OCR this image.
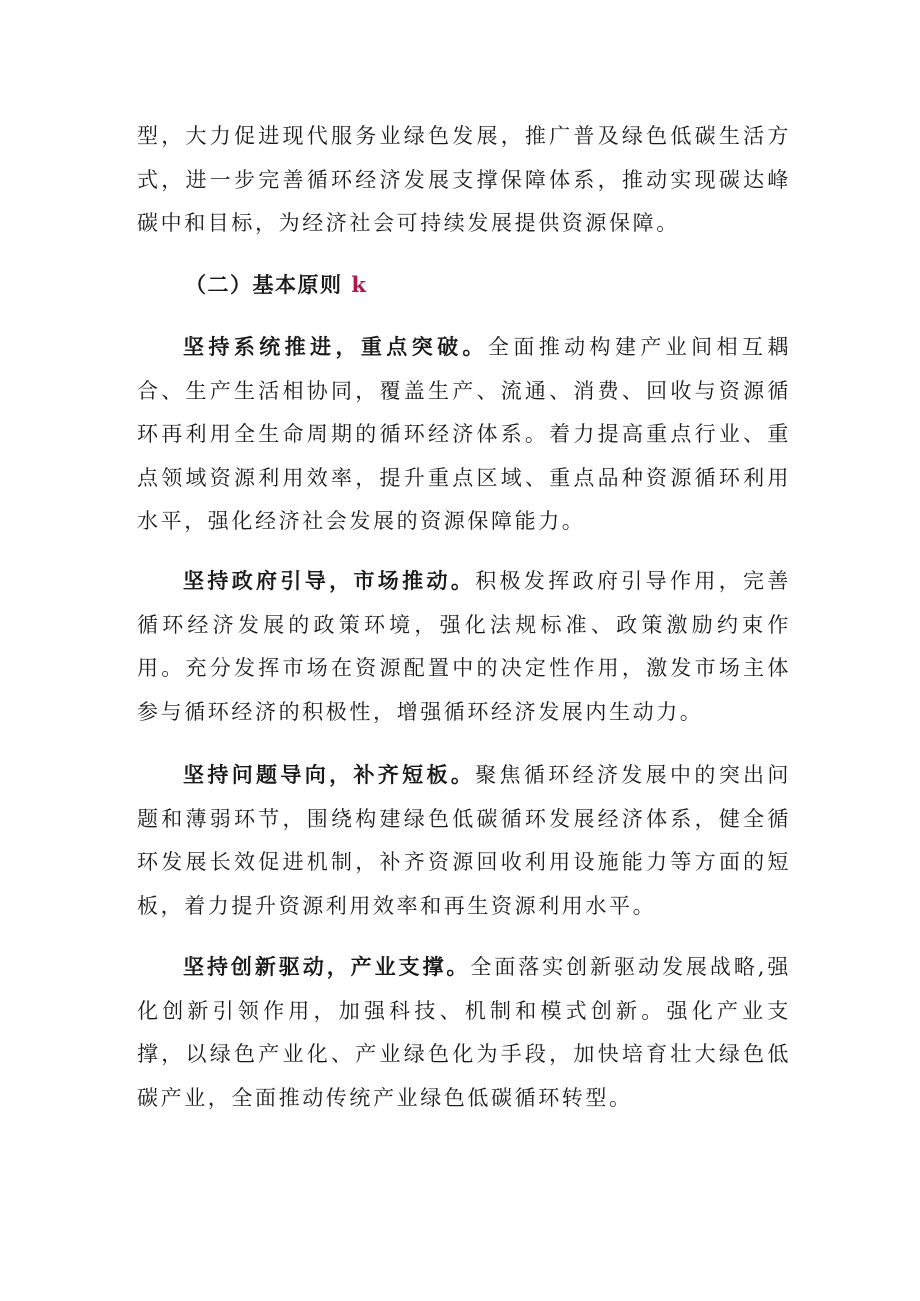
型，大力促进现代服务业绿色发展，推广普及绿色低碳生活方式，进一步完善循环经济发展支撑保障体系，推动实现碳达峰碳中和目标，为经济社会可持续发展提供资源保障。

（二）基本原则 k

坚持系统推进，重点突破。全面推动构建产业间相互耦合、生产生活相协同，覆盖生产、流通、消费、回收与资源循环再利用全生命周期的循环经济体系。着力提高重点行业、重点领域资源利用效率，提升重点区域、重点品种资源循环利用水平，强化经济社会发展的资源保障能力。

坚持政府引导，市场推动。积极发挥政府引导作用，完善循环经济发展的政策环境，强化法规标准、政策激励约束作用。充分发挥市场在资源配置中的决定性作用，激发市场主体参与循环经济的积极性，增强循环经济发展内生动力。

坚持问题导向，补齐短板。聚焦循环经济发展中的突出问题和薄弱环节，围绕构建绿色低碳循环发展经济体系，健全循环发展长效促进机制，补齐资源回收利用设施能力等方面的短板，着力提升资源利用效率和再生资源利用水平。

坚持创新驱动，产业支撑。全面落实创新驱动发展战略,强化创新引领作用，加强科技、机制和模式创新。强化产业支撑，以绿色产业化、产业绿色化为手段，加快培育壮大绿色低碳产业，全面推动传统产业绿色低碳循环转型。
